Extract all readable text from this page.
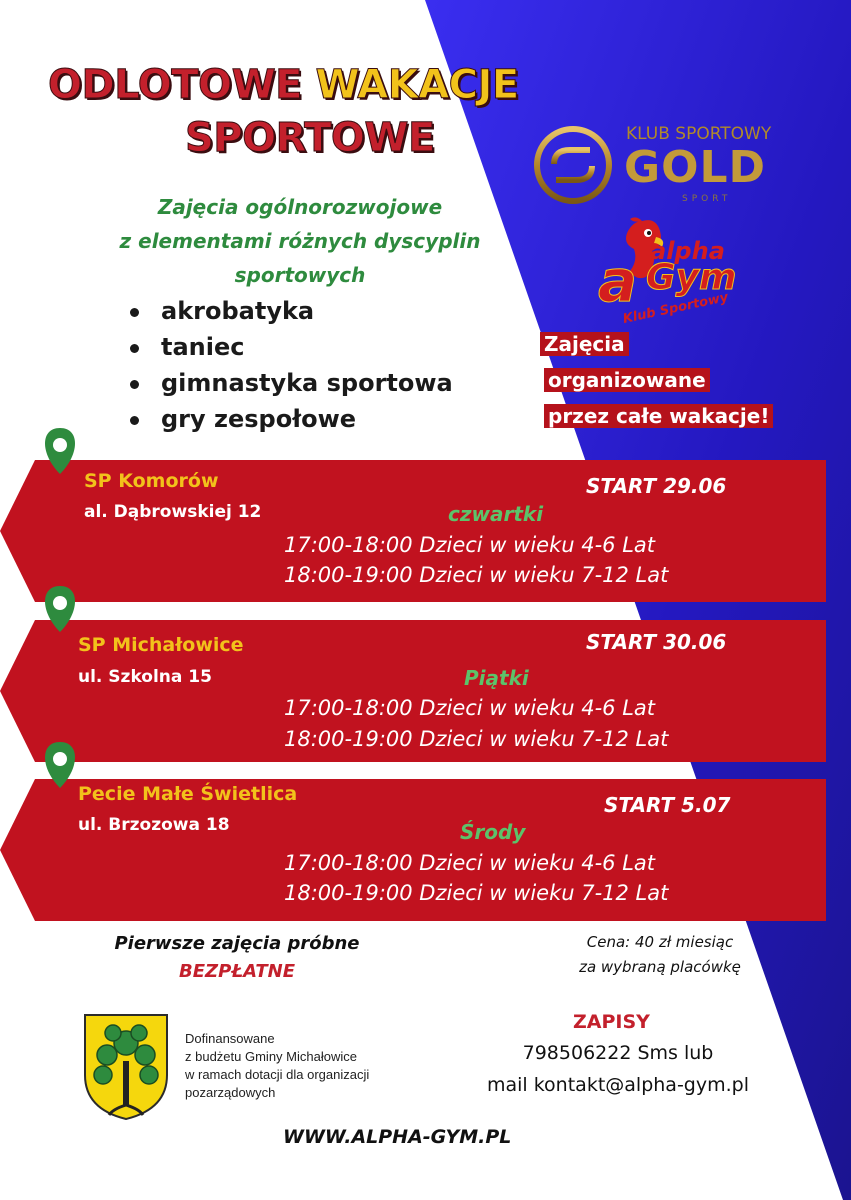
ODLOTOWE WAKACJE
SPORTOWE	KLUB SPORTOWY
GOLD
SPORT
alpha
a Gym
Klub Sportowy
Zajęcia ogólnorozwojowe
z elementami różnych dyscyplin
sportowych
akrobatyka
taniec
gimnastyka sportowa
gry zespołowe
Zajęcia
organizowane
przez całe wakacje!
SP Komorów
al. Dąbrowskiej 12
START 29.06
czwartki
17:00-18:00 Dzieci w wieku 4-6 Lat
18:00-19:00 Dzieci w wieku 7-12 Lat
SP Michałowice
ul. Szkolna 15
START 30.06
Piątki
17:00-18:00 Dzieci w wieku 4-6 Lat
18:00-19:00 Dzieci w wieku 7-12 Lat
Pecie Małe Świetlica
ul. Brzozowa 18
START 5.07
Środy
17:00-18:00 Dzieci w wieku 4-6 Lat
18:00-19:00 Dzieci w wieku 7-12 Lat
Pierwsze zajęcia próbne
BEZPŁATNE
Cena: 40 zł miesiąc
za wybraną placówkę
Dofinansowane
z budżetu Gminy Michałowice
w ramach dotacji dla organizacji
pozarządowych
ZAPISY
798506222 Sms lub
mail kontakt@alpha-gym.pl
WWW.ALPHA-GYM.PL
